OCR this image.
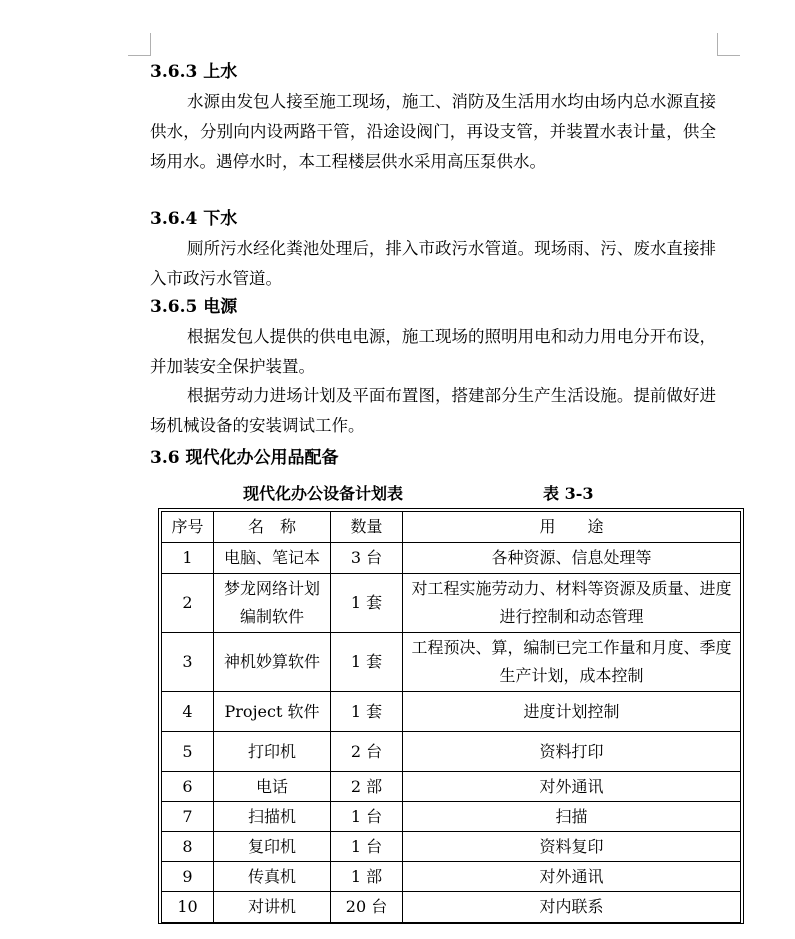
3.6.3 上水
水源由发包人接至施工现场，施工、消防及生活用水均由场内总水源直接供水，分别向内设两路干管，沿途设阀门，再设支管，并装置水表计量，供全场用水。遇停水时，本工程楼层供水采用高压泵供水。
3.6.4 下水
厕所污水经化粪池处理后，排入市政污水管道。现场雨、污、废水直接排入市政污水管道。
3.6.5 电源
根据发包人提供的供电电源，施工现场的照明用电和动力用电分开布设，并加装安全保护装置。
根据劳动力进场计划及平面布置图，搭建部分生产生活设施。提前做好进场机械设备的安装调试工作。
3.6 现代化办公用品配备
现代化办公设备计划表	表 3-3
序号	名　称	数量	用　　途
1	电脑、笔记本	3 台	各种资源、信息处理等
2	梦龙网络计划编制软件	1 套	对工程实施劳动力、材料等资源及质量、进度进行控制和动态管理
3	神机妙算软件	1 套	工程预决、算，编制已完工作量和月度、季度生产计划，成本控制
4	Project 软件	1 套	进度计划控制
5	打印机	2 台	资料打印
6	电话	2 部	对外通讯
7	扫描机	1 台	扫描
8	复印机	1 台	资料复印
9	传真机	1 部	对外通讯
10	对讲机	20 台	对内联系
